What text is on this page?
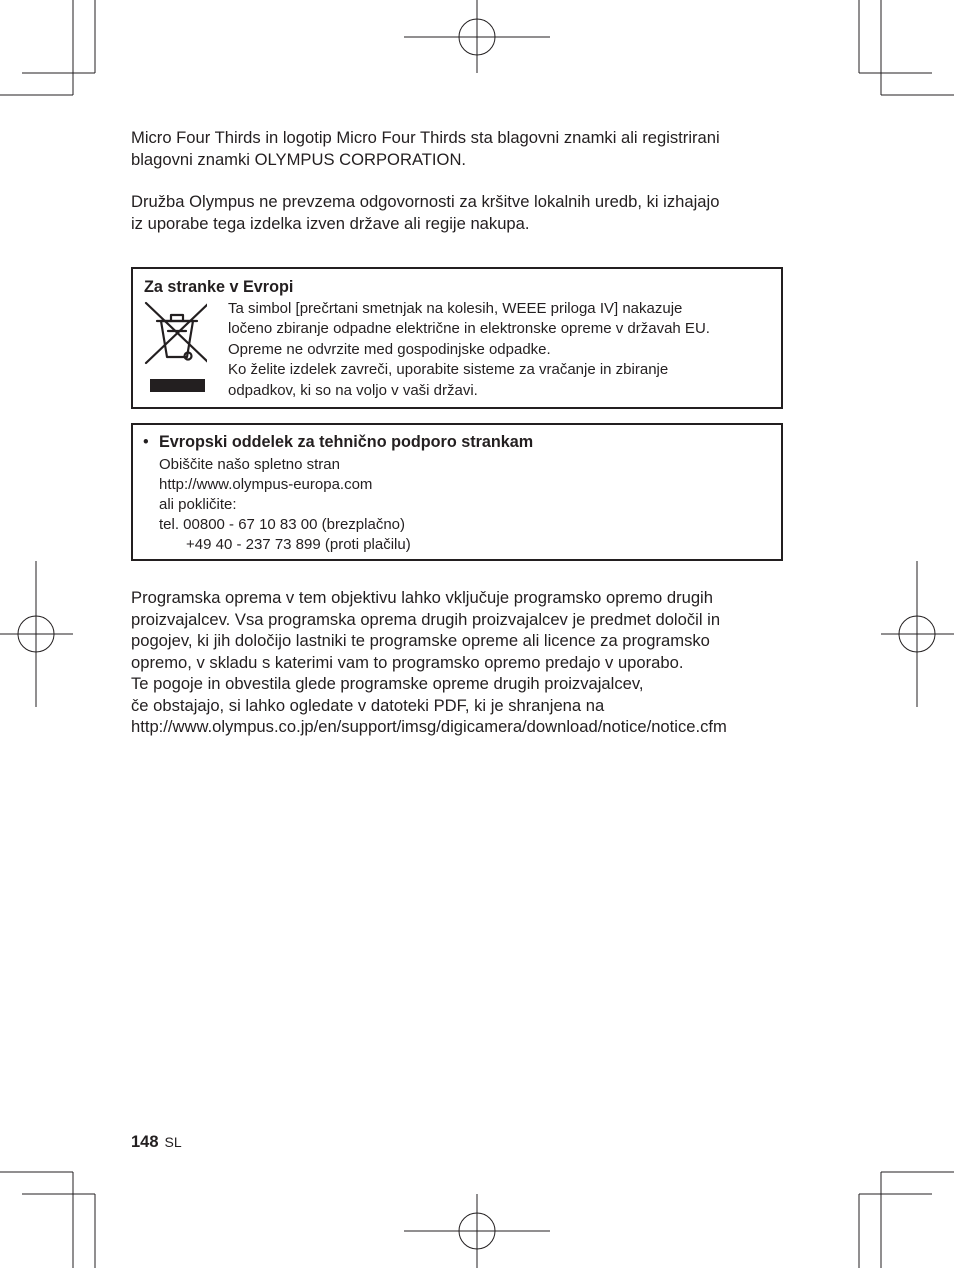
Micro Four Thirds in logotip Micro Four Thirds sta blagovni znamki ali registrirani
blagovni znamki OLYMPUS CORPORATION.

Družba Olympus ne prevzema odgovornosti za kršitve lokalnih uredb, ki izhajajo
iz uporabe tega izdelka izven države ali regije nakupa.

Za stranke v Evropi
Ta simbol [prečrtani smetnjak na kolesih, WEEE priloga IV] nakazuje
ločeno zbiranje odpadne električne in elektronske opreme v državah EU.
Opreme ne odvrzite med gospodinjske odpadke.
Ko želite izdelek zavreči, uporabite sisteme za vračanje in zbiranje
odpadkov, ki so na voljo v vaši državi.
• Evropski oddelek za tehnično podporo strankam
Obiščite našo spletno stran
http://www.olympus-europa.com
ali pokličite:
tel. 00800 - 67 10 83 00 (brezplačno)
+49 40 - 237 73 899 (proti plačilu)

Programska oprema v tem objektivu lahko vključuje programsko opremo drugih
proizvajalcev. Vsa programska oprema drugih proizvajalcev je predmet določil in
pogojev, ki jih določijo lastniki te programske opreme ali licence za programsko
opremo, v skladu s katerimi vam to programsko opremo predajo v uporabo.
Te pogoje in obvestila glede programske opreme drugih proizvajalcev,
če obstajajo, si lahko ogledate v datoteki PDF, ki je shranjena na
http://www.olympus.co.jp/en/support/imsg/digicamera/download/notice/notice.cfm

148 SL
